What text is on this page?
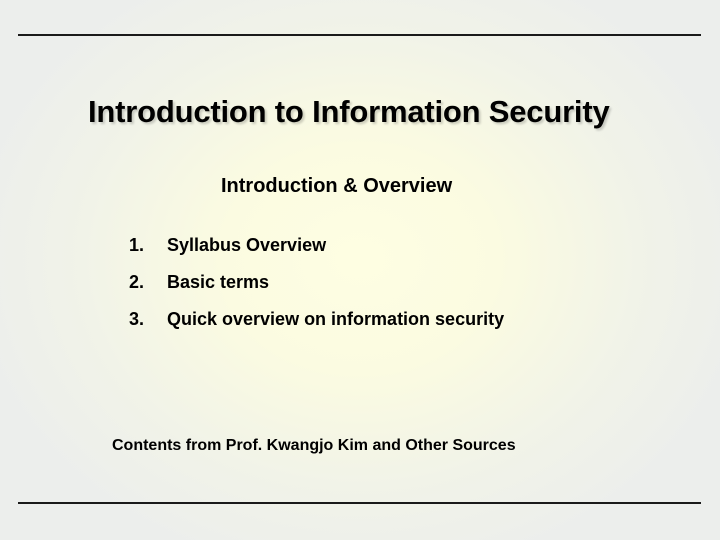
Introduction to Information Security
Introduction & Overview
1.	Syllabus Overview
2.	Basic terms
3.	Quick overview on information security

Contents from Prof. Kwangjo Kim and Other Sources
